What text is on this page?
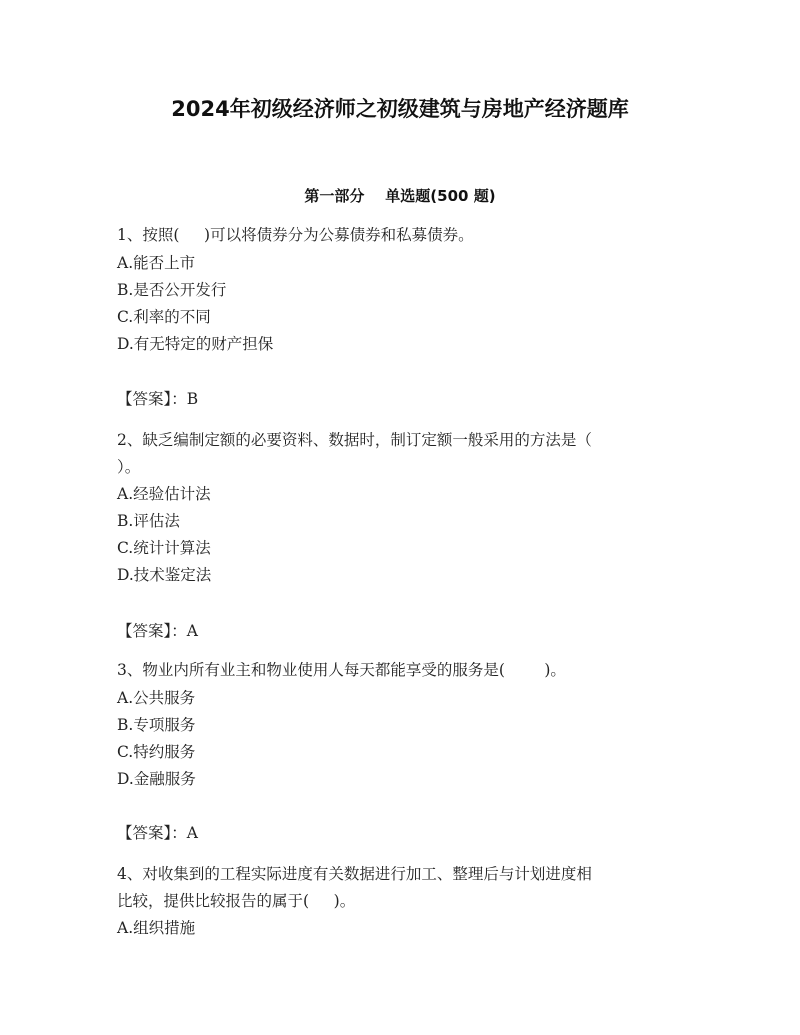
2024年初级经济师之初级建筑与房地产经济题库
第一部分    单选题(500 题)

1、按照(     )可以将债券分为公募债券和私募债券。

A.能否上市

B.是否公开发行

C.利率的不同

D.有无特定的财产担保

【答案】：B

2、缺乏编制定额的必要资料、数据时，制订定额一般采用的方法是（

）。

A.经验估计法

B.评估法

C.统计计算法

D.技术鉴定法

【答案】：A

3、物业内所有业主和物业使用人每天都能享受的服务是(        )。

A.公共服务

B.专项服务

C.特约服务

D.金融服务

【答案】：A

4、对收集到的工程实际进度有关数据进行加工、整理后与计划进度相

比较，提供比较报告的属于(     )。

A.组织措施
